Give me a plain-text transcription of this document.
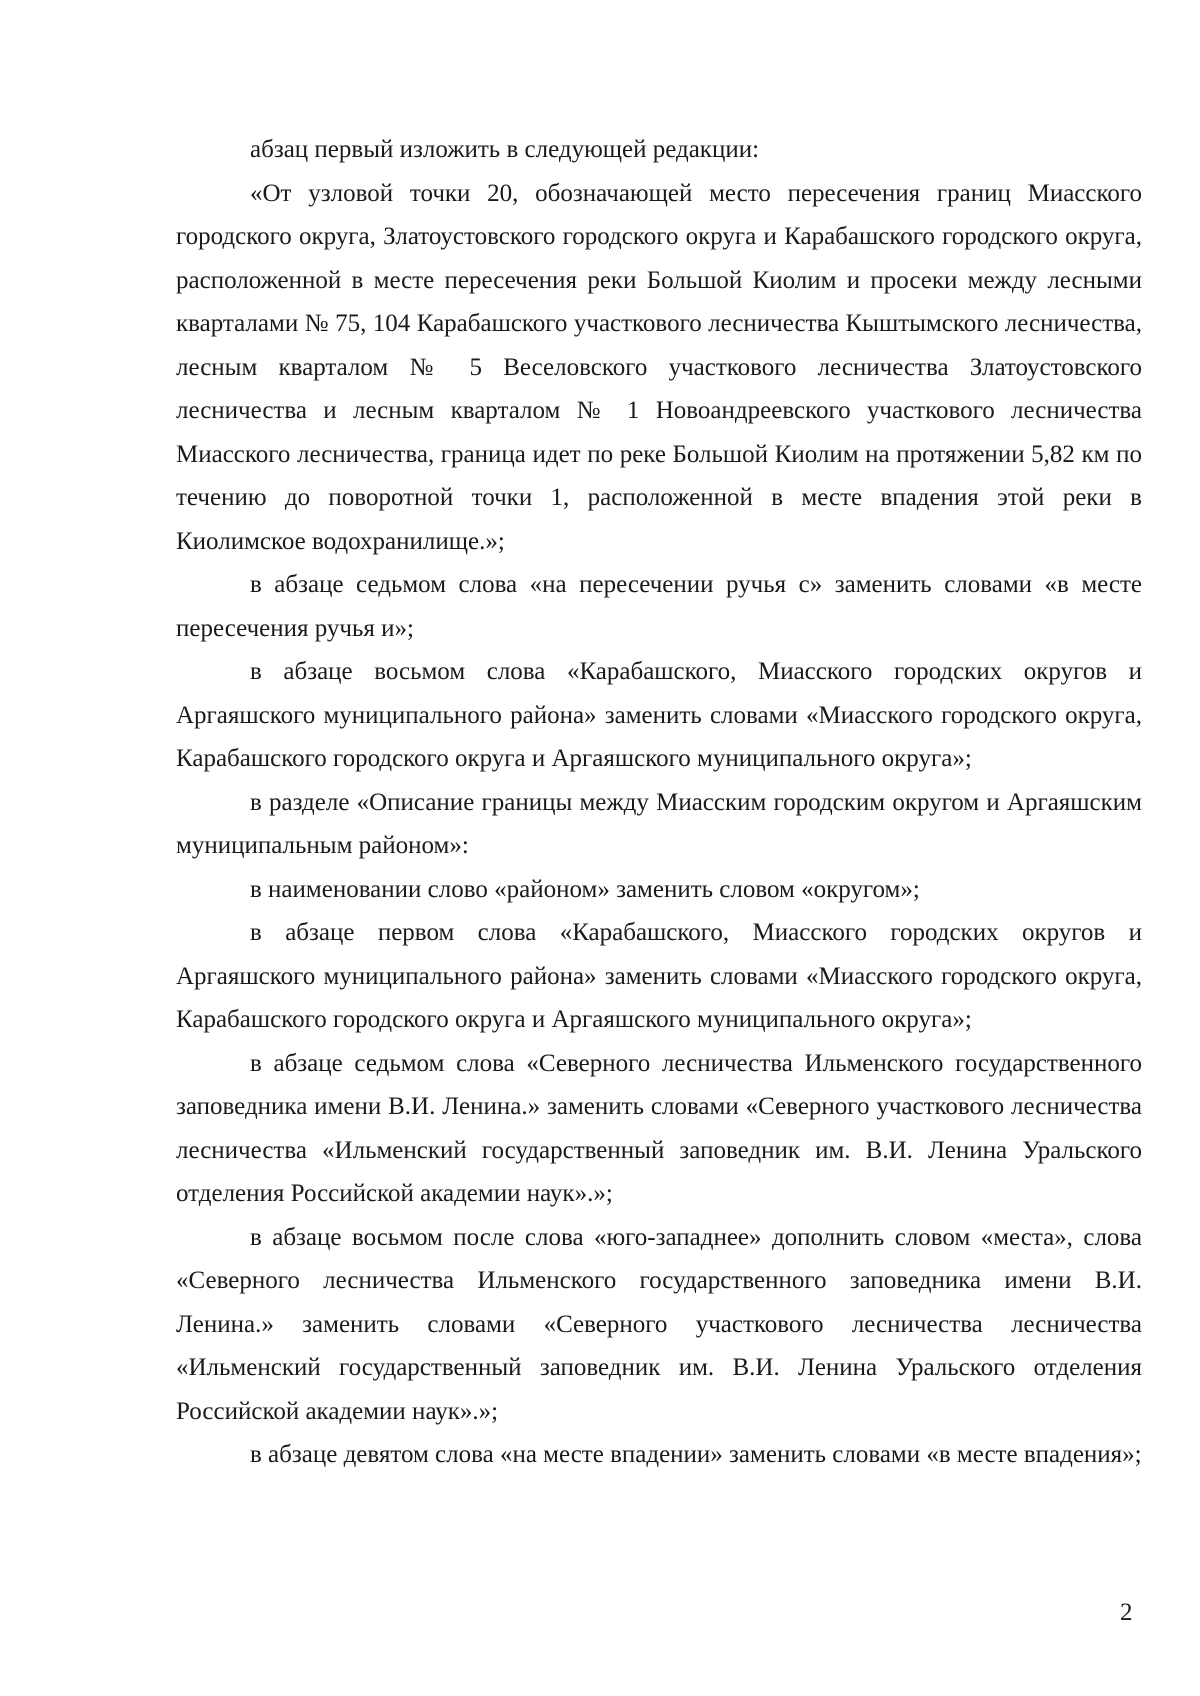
абзац первый изложить в следующей редакции:

«От узловой точки 20, обозначающей место пересечения границ Миасского городского округа, Златоустовского городского округа и Карабашского городского округа, расположенной в месте пересечения реки Большой Киолим и просеки между лесными кварталами № 75, 104 Карабашского участкового лесничества Кыштымского лесничества, лесным кварталом № 5 Веселовского участкового лесничества Златоустовского лесничества и лесным кварталом № 1 Новоандреевского участкового лесничества Миасского лесничества, граница идет по реке Большой Киолим на протяжении 5,82 км по течению до поворотной точки 1, расположенной в месте впадения этой реки в Киолимское водохранилище.»;

в абзаце седьмом слова «на пересечении ручья с» заменить словами «в месте пересечения ручья и»;

в абзаце восьмом слова «Карабашского, Миасского городских округов и Аргаяшского муниципального района» заменить словами «Миасского городского округа, Карабашского городского округа и Аргаяшского муниципального округа»;

в разделе «Описание границы между Миасским городским округом и Аргаяшским муниципальным районом»:

в наименовании слово «районом» заменить словом «округом»;

в абзаце первом слова «Карабашского, Миасского городских округов и Аргаяшского муниципального района» заменить словами «Миасского городского округа, Карабашского городского округа и Аргаяшского муниципального округа»;

в абзаце седьмом слова «Северного лесничества Ильменского государственного заповедника имени В.И. Ленина.» заменить словами «Северного участкового лесничества лесничества «Ильменский государственный заповедник им. В.И. Ленина Уральского отделения Российской академии наук».»;

в абзаце восьмом после слова «юго-западнее» дополнить словом «места», слова «Северного лесничества Ильменского государственного заповедника имени В.И. Ленина.» заменить словами «Северного участкового лесничества лесничества «Ильменский государственный заповедник им. В.И. Ленина Уральского отделения Российской академии наук».»;

в абзаце девятом слова «на месте впадении» заменить словами «в месте впадения»;

2
